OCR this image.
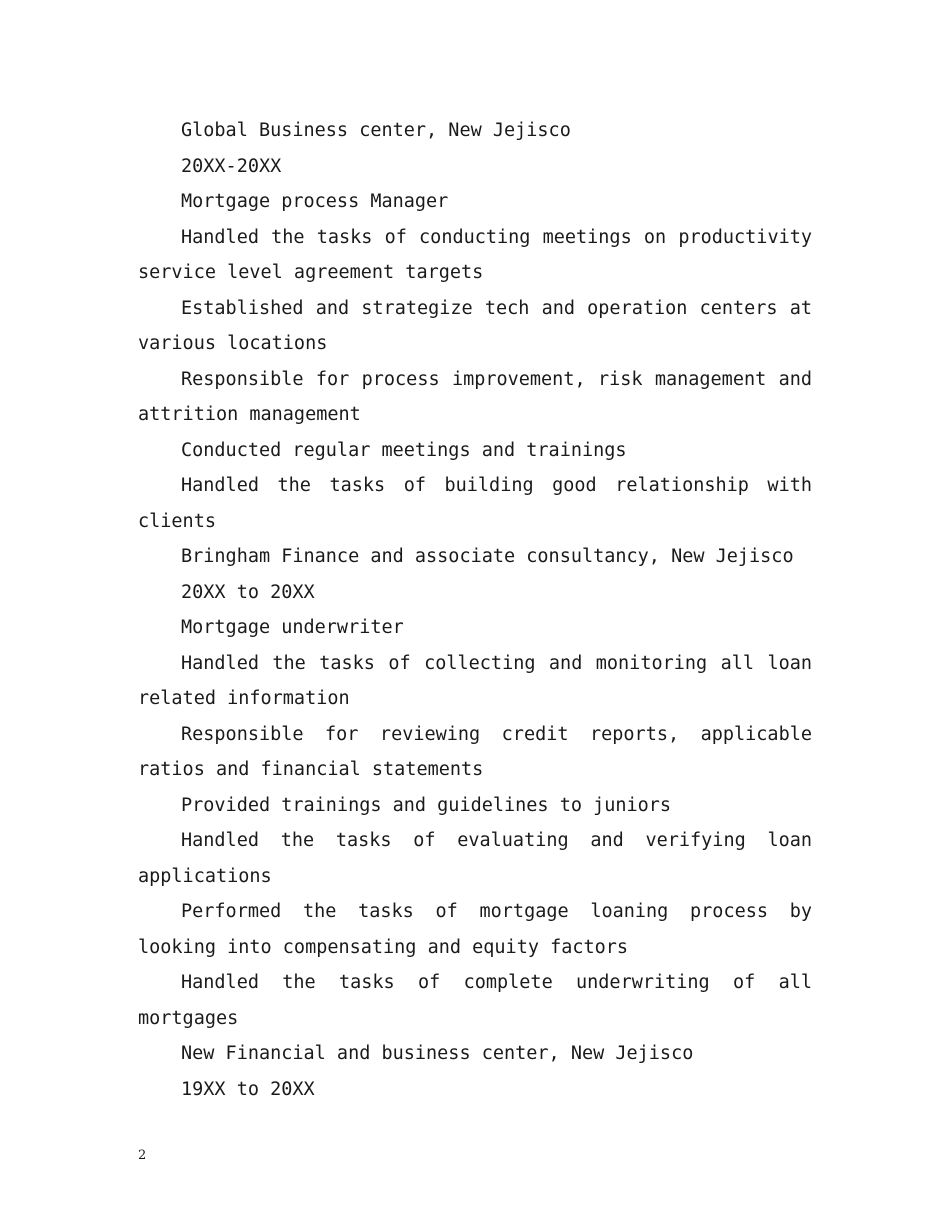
Global Business center, New Jejisco

20XX-20XX

Mortgage process Manager

Handled the tasks of conducting meetings on productivity service level agreement targets

Established and strategize tech and operation centers at various locations

Responsible for process improvement, risk management and attrition management

Conducted regular meetings and trainings

Handled the tasks of building good relationship with clients

Bringham Finance and associate consultancy, New Jejisco

20XX to 20XX

Mortgage underwriter

Handled the tasks of collecting and monitoring all loan related information

Responsible for reviewing credit reports, applicable ratios and financial statements

Provided trainings and guidelines to juniors

Handled the tasks of evaluating and verifying loan applications

Performed the tasks of mortgage loaning process by looking into compensating and equity factors

Handled the tasks of complete underwriting of all mortgages

New Financial and business center, New Jejisco

19XX to 20XX

2
